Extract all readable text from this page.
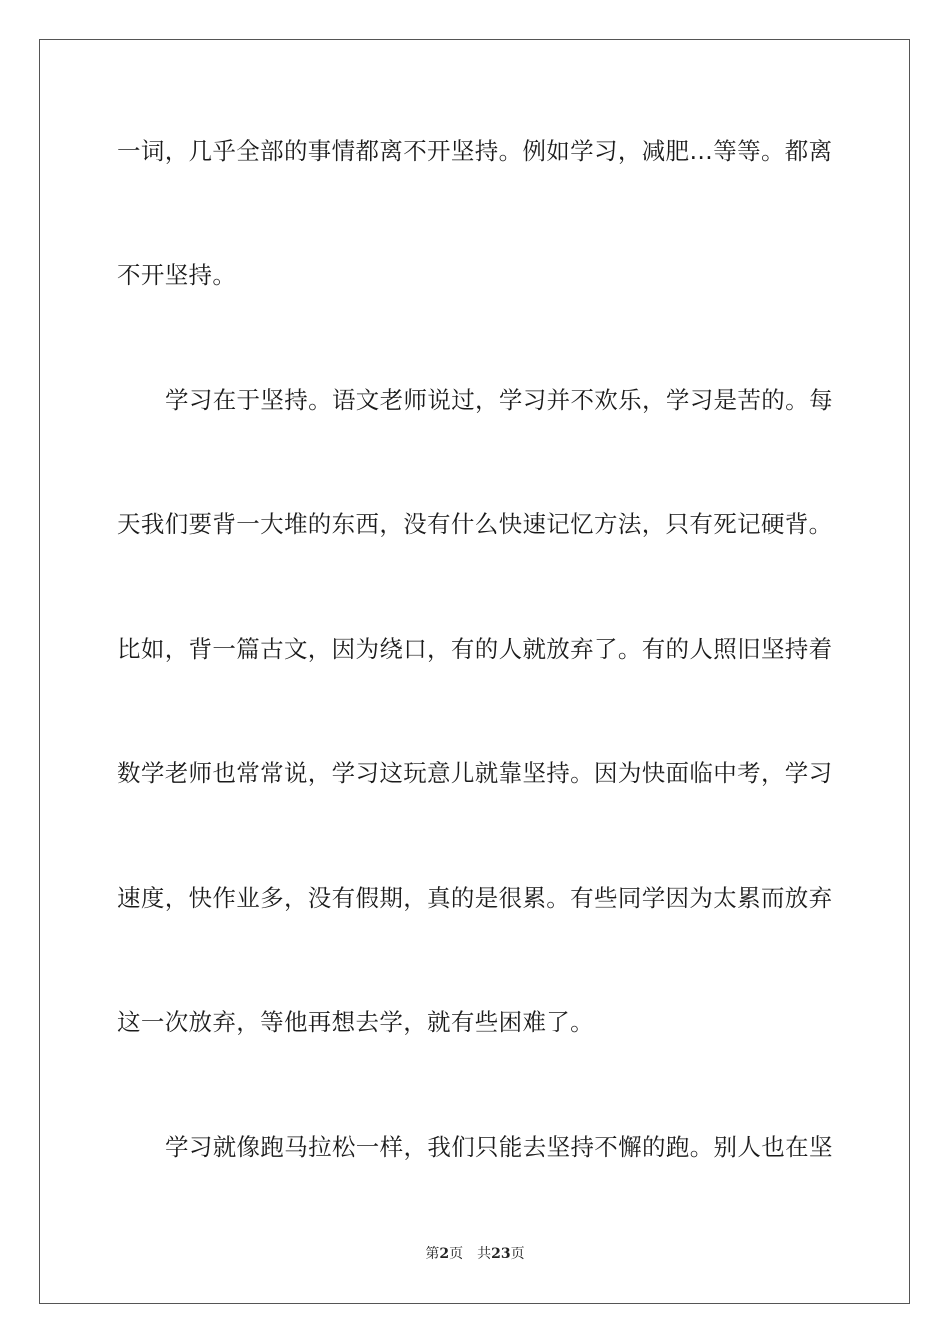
一词，几乎全部的事情都离不开坚持。例如学习，减肥…等等。都离
不开坚持。
学习在于坚持。语文老师说过，学习并不欢乐，学习是苦的。每
天我们要背一大堆的东西，没有什么快速记忆方法，只有死记硬背。
比如，背一篇古文，因为绕口，有的人就放弃了。有的人照旧坚持着
数学老师也常常说，学习这玩意儿就靠坚持。因为快面临中考，学习
速度，快作业多，没有假期，真的是很累。有些同学因为太累而放弃
这一次放弃，等他再想去学，就有些困难了。
学习就像跑马拉松一样，我们只能去坚持不懈的跑。别人也在坚
第2页 共23页
